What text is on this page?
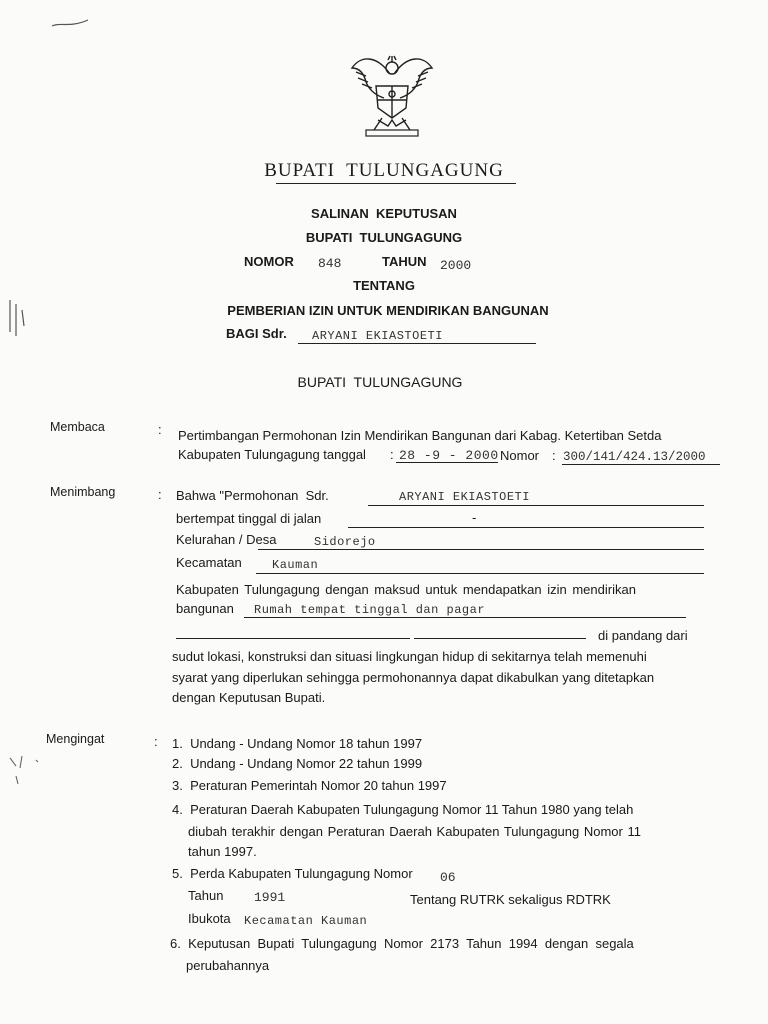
BUPATI  TULUNGAGUNG
SALINAN  KEPUTUSAN
BUPATI  TULUNGAGUNG
NOMOR 848	TAHUN 2000
TENTANG
PEMBERIAN IZIN UNTUK MENDIRIKAN BANGUNAN
BAGI Sdr. ARYANI EKIASTOETI
BUPATI  TULUNGAGUNG
Membaca	: Pertimbangan Permohonan Izin Mendirikan Bangunan dari Kabag. Ketertiban Setda
Kabupaten Tulungagung tanggal : 28 -9 - 2000 Nomor : 300/141/424.13/2000
Menimbang	: Bahwa "Permohonan  Sdr.	ARYANI EKIASTOETI
bertempat tinggal di jalan	-
Kelurahan / Desa	Sidorejo
Kecamatan	Kauman
Kabupaten Tulungagung dengan maksud untuk mendapatkan izin mendirikan
bangunan Rumah tempat tinggal dan pagar
di pandang dari
sudut lokasi, konstruksi dan situasi lingkungan hidup di sekitarnya telah memenuhi
syarat yang diperlukan sehingga permohonannya dapat dikabulkan yang ditetapkan
dengan Keputusan Bupati.
Mengingat	: 1.  Undang - Undang Nomor 18 tahun 1997
2.  Undang - Undang Nomor 22 tahun 1999
3.  Peraturan Pemerintah Nomor 20 tahun 1997
4.  Peraturan Daerah Kabupaten Tulungagung Nomor 11 Tahun 1980 yang telah
diubah terakhir dengan Peraturan Daerah Kabupaten Tulungagung Nomor 11
tahun 1997.
5.  Perda Kabupaten Tulungagung Nomor 06
Tahun 1991	Tentang RUTRK sekaligus RDTRK
Ibukota Kecamatan Kauman
6.  Keputusan  Bupati  Tulungagung  Nomor  2173  Tahun  1994  dengan  segala
perubahannya
